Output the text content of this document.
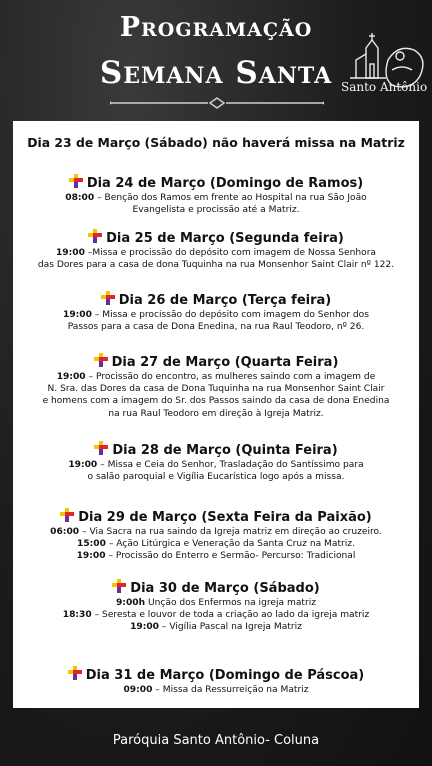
Programação
Semana Santa Santo Antônio
Dia 23 de Março (Sábado) não haverá missa na Matriz
Dia 24 de Março (Domingo de Ramos)
08:00 – Benção dos Ramos em frente ao Hospital na rua São João
Evangelista e procissão até a Matriz.
Dia 25 de Março (Segunda feira)
19:00 –Missa e procissão do depósito com imagem de Nossa Senhora
das Dores para a casa de dona Tuquinha na rua Monsenhor Saint Clair nº 122.
Dia 26 de Março (Terça feira)
19:00 – Missa e procissão do depósito com imagem do Senhor dos
Passos para a casa de Dona Enedina, na rua Raul Teodoro, nº 26.
Dia 27 de Março (Quarta Feira)
19:00 – Procissão do encontro, as mulheres saindo com a imagem de
N. Sra. das Dores da casa de Dona Tuquinha na rua Monsenhor Saint Clair
e homens com a imagem do Sr. dos Passos saindo da casa de dona Enedina
na rua Raul Teodoro em direção à Igreja Matriz.
Dia 28 de Março (Quinta Feira)
19:00 – Missa e Ceia do Senhor, Trasladação do Santíssimo para
o salão paroquial e Vigília Eucarística logo após a missa.
Dia 29 de Março (Sexta Feira da Paixão)
06:00 – Via Sacra na rua saindo da Igreja matriz em direção ao cruzeiro.
15:00 – Ação Litúrgica e Veneração da Santa Cruz na Matriz.
19:00 – Procissão do Enterro e Sermão- Percurso: Tradicional
Dia 30 de Março (Sábado)
9:00h Unção dos Enfermos na igreja matriz
18:30 – Seresta e louvor de toda a criação ao lado da igreja matriz
19:00 – Vigília Pascal na Igreja Matriz
Dia 31 de Março (Domingo de Páscoa)
09:00 – Missa da Ressurreição na Matriz
Paróquia Santo Antônio- Coluna
